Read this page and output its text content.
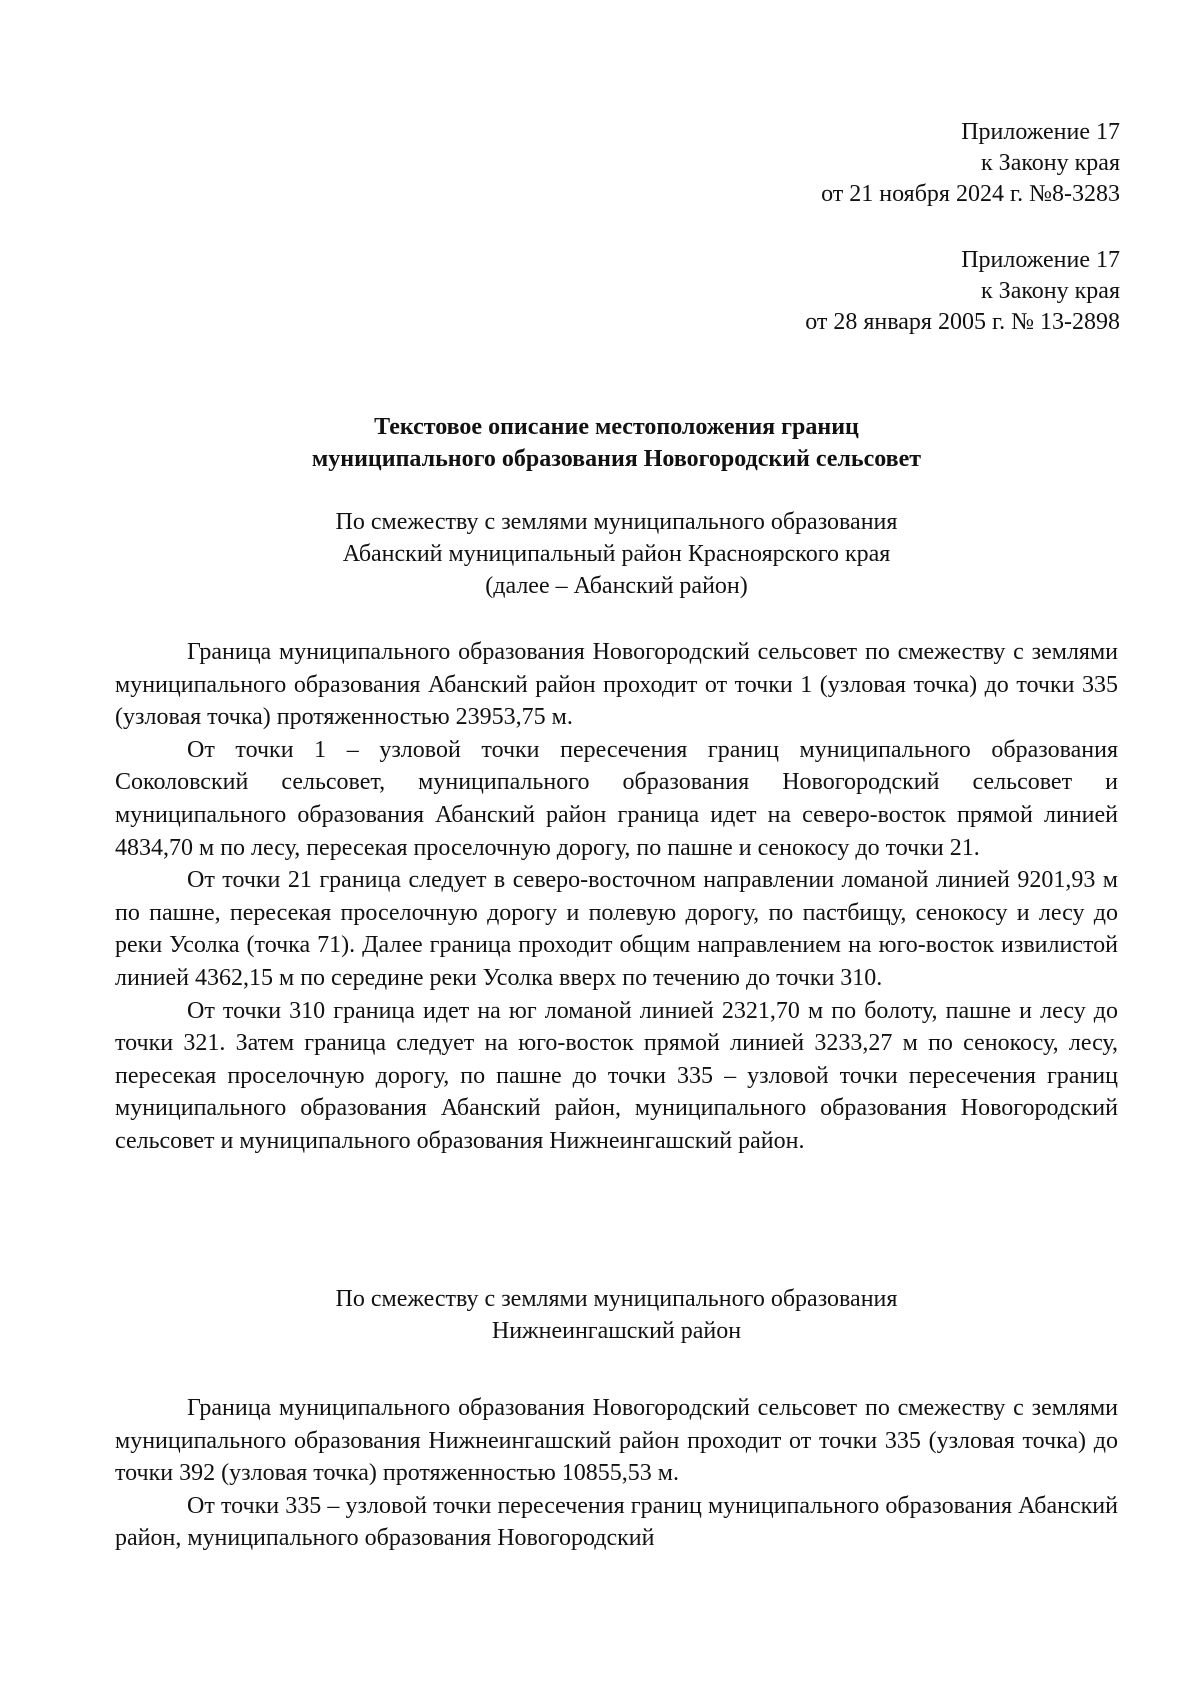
Приложение 17
к Закону края
от 21 ноября 2024 г. №8-3283
Приложение 17
к Закону края
от 28 января 2005 г. № 13-2898
Текстовое описание местоположения границ
муниципального образования Новогородский сельсовет
По смежеству с землями муниципального образования
Абанский муниципальный район Красноярского края
(далее – Абанский район)

Граница муниципального образования Новогородский сельсовет по смежеству с землями муниципального образования Абанский район проходит от точки 1 (узловая точка) до точки 335 (узловая точка) протяженностью 23953,75 м.

От точки 1 – узловой точки пересечения границ муниципального образования Соколовский сельсовет, муниципального образования Новогородский сельсовет и муниципального образования Абанский район граница идет на северо-восток прямой линией 4834,70 м по лесу, пересекая проселочную дорогу, по пашне и сенокосу до точки 21.

От точки 21 граница следует в северо-восточном направлении ломаной линией 9201,93 м по пашне, пересекая проселочную дорогу и полевую дорогу, по пастбищу, сенокосу и лесу до реки Усолка (точка 71). Далее граница проходит общим направлением на юго-восток извилистой линией 4362,15 м по середине реки Усолка вверх по течению до точки 310.

От точки 310 граница идет на юг ломаной линией 2321,70 м по болоту, пашне и лесу до точки 321. Затем граница следует на юго-восток прямой линией 3233,27 м по сенокосу, лесу, пересекая проселочную дорогу, по пашне до точки 335 – узловой точки пересечения границ муниципального образования Абанский район, муниципального образования Новогородский сельсовет и муниципального образования Нижнеингашский район.

По смежеству с землями муниципального образования
Нижнеингашский район

Граница муниципального образования Новогородский сельсовет по смежеству с землями муниципального образования Нижнеингашский район проходит от точки 335 (узловая точка) до точки 392 (узловая точка) протяженностью 10855,53 м.

От точки 335 – узловой точки пересечения границ муниципального образования Абанский район, муниципального образования Новогородский
